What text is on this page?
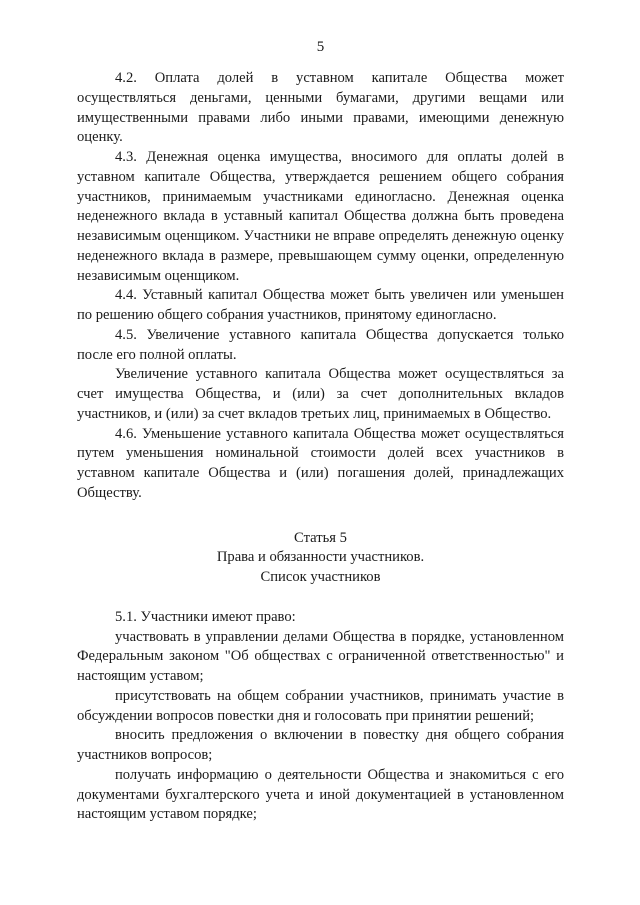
5

4.2. Оплата долей в уставном капитале Общества может осуществляться деньгами, ценными бумагами, другими вещами или имущественными правами либо иными правами, имеющими денежную оценку.

4.3. Денежная оценка имущества, вносимого для оплаты долей в уставном капитале Общества, утверждается решением общего собрания участников, принимаемым участниками единогласно. Денежная оценка неденежного вклада в уставный капитал Общества должна быть проведена независимым оценщиком. Участники не вправе определять денежную оценку неденежного вклада в размере, превышающем сумму оценки, определенную независимым оценщиком.

4.4. Уставный капитал Общества может быть увеличен или уменьшен по решению общего собрания участников, принятому единогласно.

4.5. Увеличение уставного капитала Общества допускается только после его полной оплаты.

Увеличение уставного капитала Общества может осуществляться за счет имущества Общества, и (или) за счет дополнительных вкладов участников, и (или) за счет вкладов третьих лиц, принимаемых в Общество.

4.6. Уменьшение уставного капитала Общества может осуществляться путем уменьшения номинальной стоимости долей всех участников в уставном капитале Общества и (или) погашения долей, принадлежащих Обществу.

Статья 5
Права и обязанности участников.
Список участников

5.1. Участники имеют право:

участвовать в управлении делами Общества в порядке, установленном Федеральным законом "Об обществах с ограниченной ответственностью" и настоящим уставом;

присутствовать на общем собрании участников, принимать участие в обсуждении вопросов повестки дня и голосовать при принятии решений;

вносить предложения о включении в повестку дня общего собрания участников вопросов;

получать информацию о деятельности Общества и знакомиться с его документами бухгалтерского учета и иной документацией в установленном настоящим уставом порядке;
